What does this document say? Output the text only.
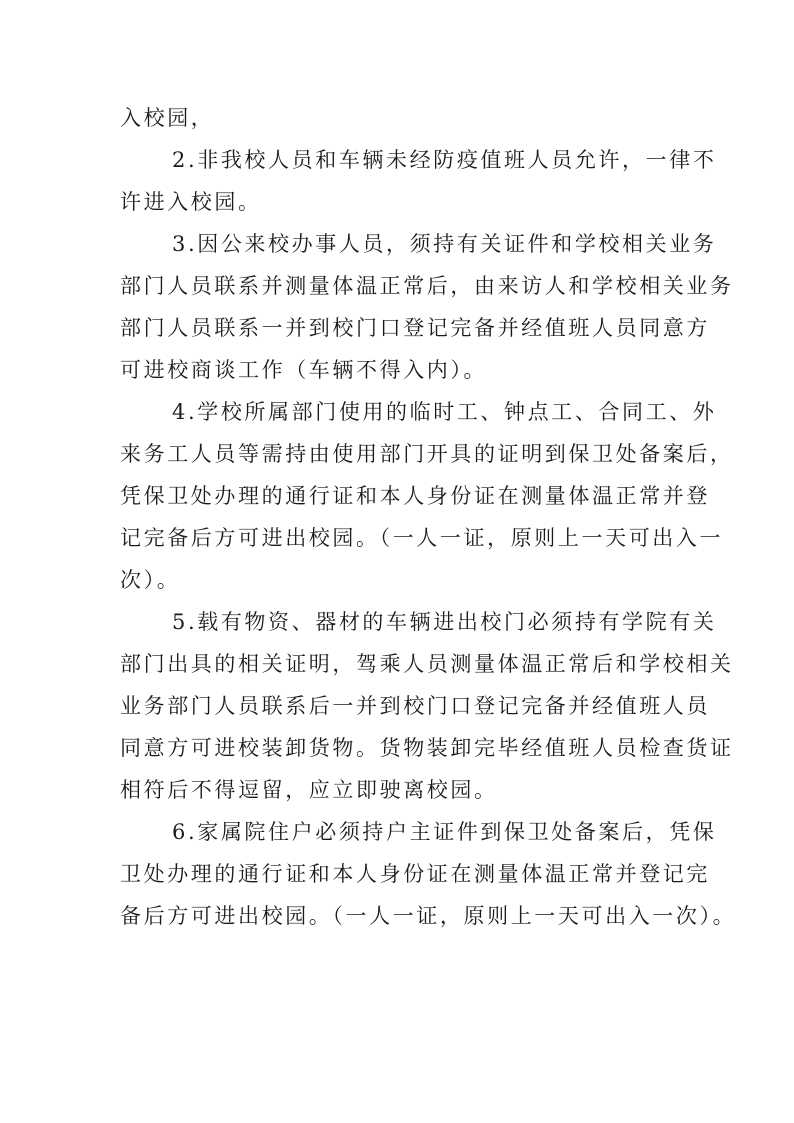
入校园，
2.非我校人员和车辆未经防疫值班人员允许，一律不
许进入校园。
3.因公来校办事人员，须持有关证件和学校相关业务
部门人员联系并测量体温正常后，由来访人和学校相关业务
部门人员联系一并到校门口登记完备并经值班人员同意方
可进校商谈工作（车辆不得入内）。
4.学校所属部门使用的临时工、钟点工、合同工、外
来务工人员等需持由使用部门开具的证明到保卫处备案后，
凭保卫处办理的通行证和本人身份证在测量体温正常并登
记完备后方可进出校园。（一人一证，原则上一天可出入一
次）。
5.载有物资、器材的车辆进出校门必须持有学院有关
部门出具的相关证明，驾乘人员测量体温正常后和学校相关
业务部门人员联系后一并到校门口登记完备并经值班人员
同意方可进校装卸货物。货物装卸完毕经值班人员检查货证
相符后不得逗留，应立即驶离校园。
6.家属院住户必须持户主证件到保卫处备案后，凭保
卫处办理的通行证和本人身份证在测量体温正常并登记完
备后方可进出校园。（一人一证，原则上一天可出入一次）。
